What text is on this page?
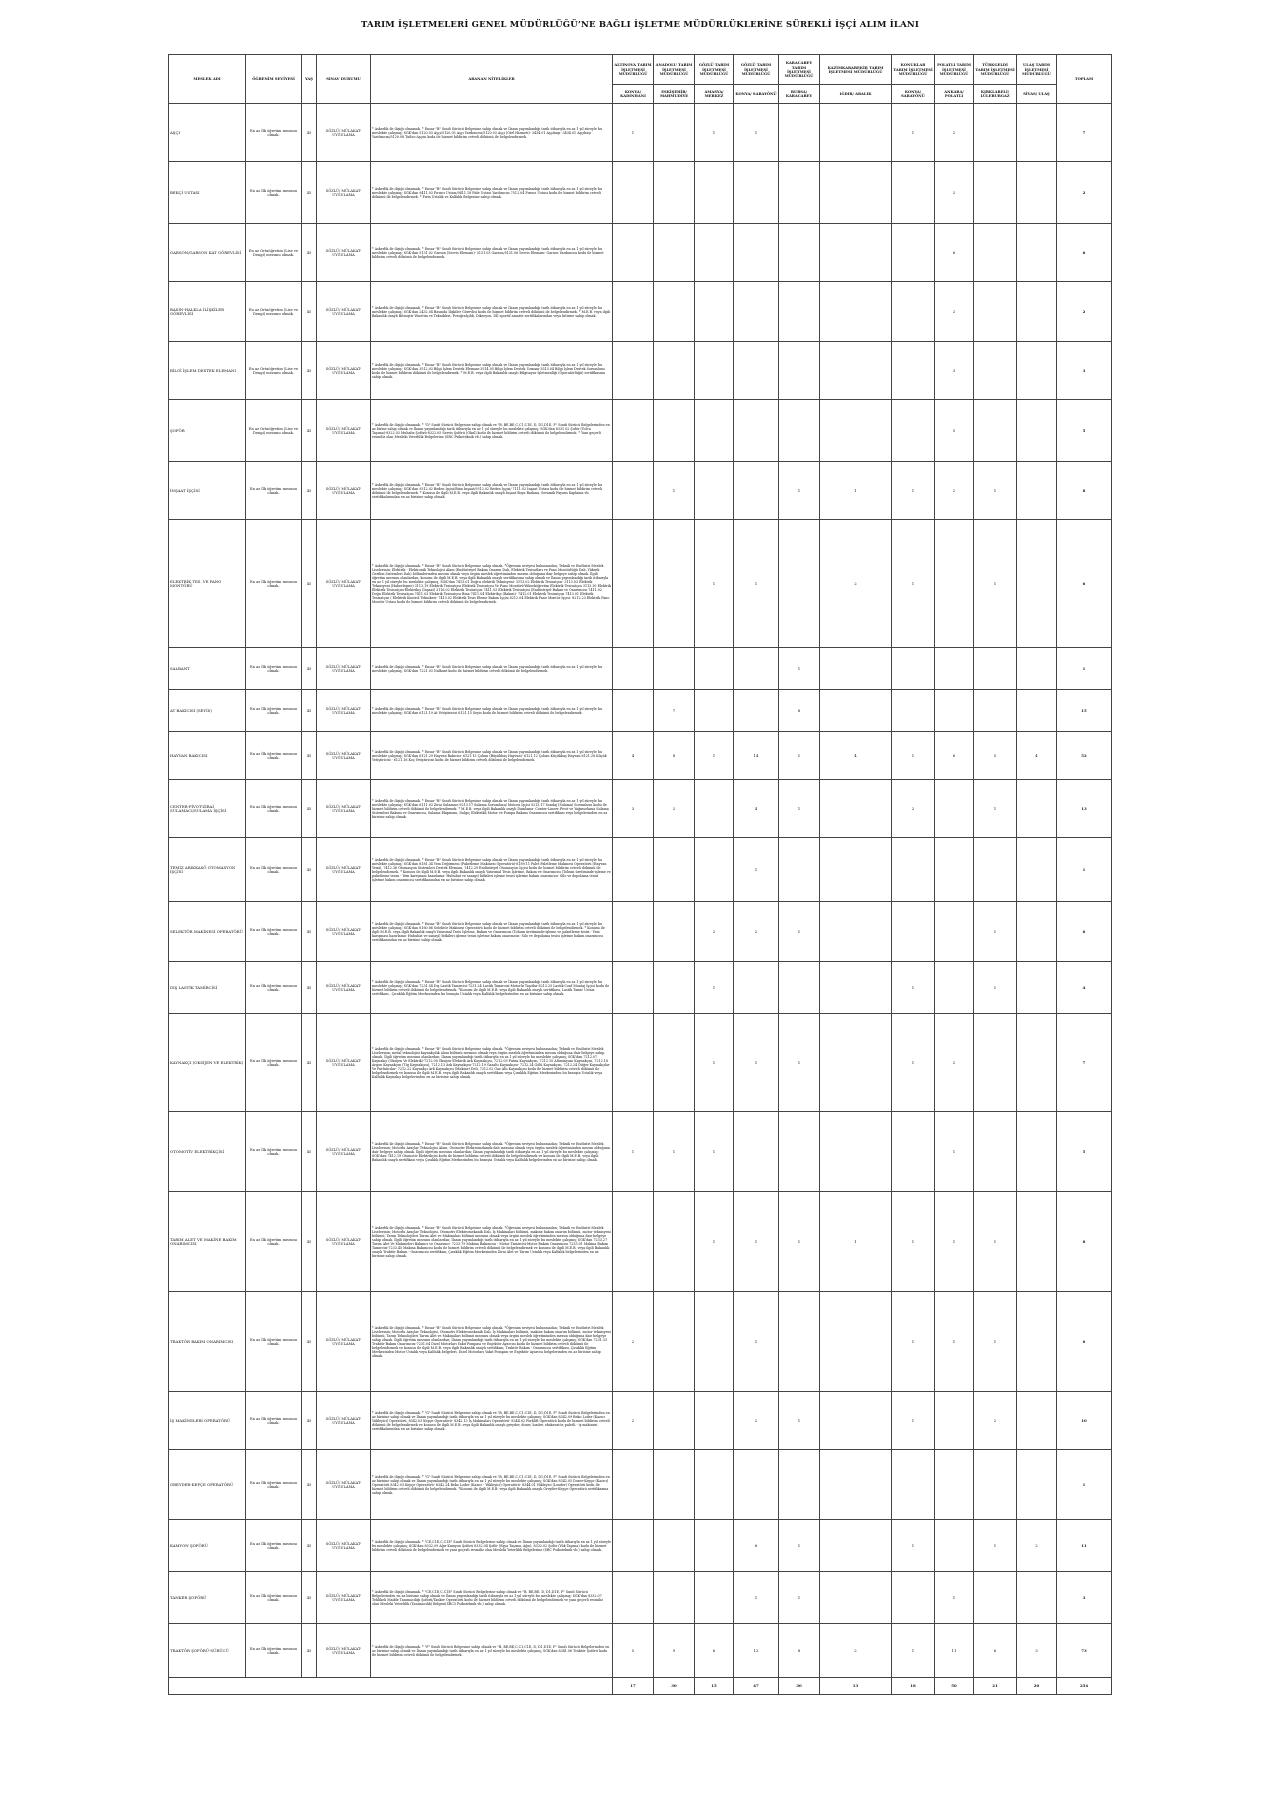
TARIM İŞLETMELERİ GENEL MÜDÜRLÜĞÜ’NE BAĞLI İŞLETME MÜDÜRLÜKLERİNE SÜREKLİ İŞÇİ ALIM İLANI
MESLEK ADI	ÖĞRENİM SEVİYESİ	YAŞ	SINAV DURUMU	ARANAN NİTELİKLER	ALTINOVA TARIM İŞLETMESİ MÜDÜRLÜĞÜ	ANADOLU TARIM İŞLETMESİ MÜDÜRLÜĞÜ	GÖZLÜ TARIM İŞLETMESİ MÜDÜRLÜĞÜ	GÖZLÜ TARIM İŞLETMESİ MÜDÜRLÜĞÜ	KARACABEY TARIM İŞLETMESİ MÜDÜRLÜĞÜ	KAZIMKARABEKİR TARIM İŞLETMESİ MÜDÜRLÜĞÜ	KONUKLAR TARIM İŞLETMESİ MÜDÜRLÜĞÜ	POLATLI TARIM İŞLETMESİ MÜDÜRLÜĞÜ	TÜRKGELDİ TARIM İŞLETMESİ MÜDÜRLÜĞÜ	ULAŞ TARIM İŞLETMESİ MÜDÜRLÜĞÜ	TOPLAM
					KONYA/ KADINHANI	ESKİŞEHİR/ MAHMUDİYE	AMASYA/ MERKEZ	KONYA/ SARAYÖNÜ	BURSA/ KARACABEY	IĞDIR/ ARALIK	KONYA/ SARAYÖNÜ	ANKARA/ POLATLI	KIRKLARELİ/ LÜLEBURGAZ	SİVAS/ ULAŞ	
AŞÇI	En az İlk öğretim mezunu olmak.	45	SÖZLÜ/ MÜLAKAT-UYGULAMA	* Askerlik ile ilişiği olmamak. * Ensar "B" Sınıfı Sürücü Belgesine sahip olmak ve İlanın yayımlandığı tarih itibarıyla en az 1 yıl süreyle bu meslekte çalışmış; SGK'dan 5120.03 Aşçı/5120.05 Aşçı Yardımcısı/5120.03 Aşçı (Otel Hizmeti)- 3434.01 Aşçıbaşı- 3434.01 Aşçıbaşı Yardımcısı/5120.08 Tatlıcı-Aşçısı koda ile hizmet bildirim cetveli dökümü ile belgelendirmek.	1		1	1			1	2			7
BEKÇİ USTASI	En az İlk öğretim mezunu olmak.	45	SÖZLÜ/ MÜLAKAT-UYGULAMA	* Askerlik ile ilişiği olmamak. * Ensar "B" Sınıfı Sürücü Belgesine sahip olmak ve İlanın yayımlandığı tarih itibarıyla en az 1 yıl süreyle bu meslekte çalışmış; SGK'dan 9411.03 Fırıncı Ustası/9411.18 Pide Ustası Yardımcısı 7512.04 Fırıncı Ustası kodu ile hizmet bildirim cetveli dökümü ile belgelendirmek. * Fırın Ustalık ve Kalfalık Belgesine sahip olmak.								2			2
GARSON/GARSON KAT GÖREVLİSİ	En az Ortaöğretim (Lise ve Dengi) mezunu olmak.	45	SÖZLÜ/ MÜLAKAT-UYGULAMA	* Askerlik ile ilişiği olmamak. * Ensar "B" Sınıfı Sürücü Belgesine sahip olmak ve İlanın yayımlandığı tarih itibarıyla en az 1 yıl süreyle bu meslekte çalışmış; SGK'dan 5131.02 Garson (Servis Elemanı)- 5131.05 Garson/5131.06 Servis Elemanı- Garson Yardımcısı kodu ile hizmet bildirim cetveli dökümü ile belgelendirmek.								6			6
BASIN-HALKLA İLİŞKİLER GÖREVLİSİ	En az Ortaöğretim (Lise ve Dengi) mezunu olmak.	45	SÖZLÜ/ MÜLAKAT-UYGULAMA	* Askerlik ile ilişiği olmamak. * Ensar "B" Sınıfı Sürücü Belgesine sahip olmak ve İlanın yayımlandığı tarih itibarıyla en az 1 yıl süreyle bu meslekte çalışmış; SGK'dan 2432.04 Basında İlişkiler Görevlisi kodu ile hizmet bildirim cetveli dökümü ile belgelendirmek. * M.E.B. veya ilgili Bakanlık onaylı Bitmiştir Yönetim ve Teknikleri, Fotoğrafçılık, Dikseyon, Dİİ sportif amatör sertifikalarından veya bitirme sahip olmak.								2			2
BİLGİ İŞLEM DESTEK ELEMANI	En az Ortaöğretim (Lise ve Dengi) mezunu olmak.	45	SÖZLÜ/ MÜLAKAT-UYGULAMA	* Askerlik ile ilişiği olmamak. * Ensar "B" Sınıfı Sürücü Belgesine sahip olmak ve İlanın yayımlandığı tarih itibarıyla en az 1 yıl süreyle bu meslekte çalışmış; SGK'dan 3512.03 Bilgi İşlem Destek Elemanı-3514.05 Bilgi İşlem Destek Uzmanı-3513.04 Bilgi İşlem Destek Sorumlusu koda ile hizmet bildirim dökümü ile belgelendirmek. * M.E.B. veya ilgili Bakanlık onaylı Bilgisayar İşletmenliği (Operatörlüğü) sertifikasına sahip olmak.								3			3
ŞOFÖR	En az Ortaöğretim (Lise ve Dengi) mezunu olmak.	45	SÖZLÜ/ MÜLAKAT-UYGULAMA	* Askerlik ile ilişiği olmamak. * "D" Sınıfı Sürücü Belgesine sahip olmak ve "B, BE,BE,C,C1,C1E, D, D1,D1E, F" Sınıfı Sürücü Belgelerinden en az birine sahip olmak ve İlanın yayımlandığı tarih itibarıyla en az 1 yıl süreyle bu meslekte çalışmış; SGK'dan 8331.02 Şoför (Yolcu Taşıma)-8322.03 Muhafız Şoförü-8322.05 Servis Şoförü (Okul) kodu ile hizmet bildirim cetveli dökümü ile belgelendirmek. * Yanı geçerli resmiliz olan Mesleki Yeterlilik Belgelerine (SRC Psikoteknik vb.) sahip olmak.								5			5
İNŞAAT İŞÇİSİ	En az İlk öğretim mezunu olmak.	45	SÖZLÜ/ MÜLAKAT-UYGULAMA	* Askerlik ile ilişiği olmamak. * Ensar "B" Sınıfı Sürücü Belgesine sahip olmak ve İlanın yayımlandığı tarih itibarıyla en az 1 yıl süreyle bu meslekte çalışmış; SGK'dan 9312.02 Beden İşçisi/Bina İnşaat/9312.02 Beden İşçisi/ 7111.02 İnşaat Ustası kodu ile hizmet bildirim cetveli dökümü ile belgelendirmek. * Konusu ile ilgili M.E.B. veya ilgili Bakanlık onaylı İnşaat Boya Badana, Seramik Fayans Kaplama vb. sertifikalarından en az birisine sahip olmak.		1			1	1	1	2	1		8
ELEKTRİK TES. VE PANO MONTÖRÜ	En az İlk öğretim mezunu olmak.	45	SÖZLÜ/ MÜLAKAT-UYGULAMA	* Askerlik ile ilişiği olmamak. * Ensar "B" Sınıfı Sürücü Belgesine sahip olmak. *Öğrenim seviyesi bulunmadan; Teknik ve Endüstri Meslek Liselerinin; Elektrik - Elektronik Teknolojisi Alanı (Endüstriyel Bakım Onarım Dalı, Elektrik Tesisatları ve Pano Montörlüğü Dalı, Yüksek Gerilim Sistemleri Dalı) bölümlerinden mezun olmak veya örgün meslek öğretiminden mezun olduğuna dair belgeye sahip olmak. İlgili öğretim mezunu olanlardan; konusu ile ilgili M.E.B. veya ilgili Bakanlık onaylı sertifikasına sahip olmak ve İlanın yayımlandığı tarih itibarıyla en az 1 yıl süreyle bu meslekte çalışmış; SGK'dan 7413.01 Doğru elektrik Teknisyeni- 3113.02 Elektrik Tesisatçısı- 3113.03 Elektrik Teknisyeni (Haberleşme) 3113.19 Elektrik Tesisatçısı Elektrik Tesisatçısı Ve Pano Montörü-Yükseköğretim Elektrik Tesisatçısı 3113.30 Elektrik Elektrik Tesisatçısı-Elektrikçi (İnşaat) 3116.02 Elektrik Tesisatçısı 7411.03 Elektrik Tesisatçısı (Endüstriyel Bakım ve Onarımcısı 7411.02 Doğu Elektrik Tesisatçısı 7411.03 Elektrik Tesisatçısı Bina 7411.04 Elektrikçi (Bakım)- 7412.01 Elektrik Tesisatçısı 7413.01 Elektrik Tesisatçısı ( Elektrik Kontrol Teknikeri- 7413.02 Elektrik Tesis Eleme Bakım İşçisi 8212.04 Elektrik Pano Montör İşçisi- 8212.23 Elektrik Pano Montör Ustası kodu ile hizmet bildirim cetveli dökümü ile belgelendirmek.			1	1		2	1		1		6
SALBANT	En az İlk öğretim mezunu olmak.	45	SÖZLÜ/ MÜLAKAT-UYGULAMA	* Askerlik ile ilişiği olmamak. * Ensar "B" Sınıfı Sürücü Belgesine sahip olmak ve İlanın yayımlandığı tarih itibarıyla en az 1 yıl süreyle bu meslekte çalışmış; SGK'dan 7221.03 Nalbant kodu ile hizmet bildirim cetveli dökümü ile belgelendirmek.					1						1
AT BAKICISI (SEYİS)	En az İlk öğretim mezunu olmak.	45	SÖZLÜ/ MÜLAKAT-UYGULAMA	* Askerlik ile ilişiği olmamak. * Ensar "B" Sınıfı Sürücü Belgesine sahip olmak ve İlanın yayımlandığı tarih itibarıyla en az 1 yıl süreyle bu meslekte çalışmış; SGK'dan 6121.19 At Yetiştiricisi 6121.15 Seyis kodu ile hizmet bildirim cetveli dökümü ile belgelendirmek.		7			8						15
HAYVAN BAKICISI	En az İlk öğretim mezunu olmak.	45	SÖZLÜ/ MÜLAKAT-UYGULAMA	* Askerlik ile ilişiği olmamak. * Ensar "B" Sınıfı Sürücü Belgesine sahip olmak ve İlanın yayımlandığı tarih itibarıyla en az 1 yıl süreyle bu meslekte çalışmış; SGK'dan 6121.29 Hayvan Bakıcısı- 6121.13 Çoban (Büyükbaş Hayvan)- 6121.12 Çoban Küçükbaş Hayvan 6121.28 Küçük Yetiştiricisi - 6121.16 Koç Yetiştiricisi kodu ile hizmet bildirim cetveli dökümü ile belgelendirmek.	4	8	1	14	1	4	1	6	5	4	52
CENTER-PİVOT-ZİRAİ SULAMACI/SULAMA İŞÇİSİ	En az İlk öğretim mezunu olmak.	45	SÖZLÜ/ MÜLAKAT-UYGULAMA	* Askerlik ile ilişiği olmamak. * Ensar "B" Sınıfı Sürücü Belgesine sahip olmak ve İlanın yayımlandığı tarih itibarıyla en az 1 yıl süreyle bu meslekte çalışmış; SGK'dan 6111.03 Zirai Sulamacı-9213.17 Sulama Sorumlusu/ Motoru İşçisi 9213.17 Sondaj (Sulama) Sorumlusu kodu ile hizmet bildirim cetveli dökümü ile belgelendirmek. * M.E.B. veya ilgili Bakanlık onaylı Damlama- Center-Lineer Pivot ve Yağmurlama Sulama Sistemleri Bakımı ve Onarımcısı, Sulama Ekipmanı, Dalgıç Elektrikli Motor ve Pompa Bakımı Onarımcısı sertifikası veya belgelerinden en az birisine sahip olmak.	3	2		4	1		2		1		13
TEMİZ ARIKKASÖ OTOMASYON İŞÇİSİ	En az İlk öğretim mezunu olmak.	45	SÖZLÜ/ MÜLAKAT-UYGULAMA	* Askerlik ile ilişiği olmamak. * Ensar "B" Sınıfı Sürücü Belgesine sahip olmak ve İlanın yayımlandığı tarih itibarıyla en az 1 yıl süreyle bu meslekte çalışmış; SGK'dan 8181.34 Yem Değirmeni (Paketleme Makinesi Operatörü)-8189.11 Palet Paletleme Makinesi Operatörü (Hayvan Yemi), 7412.36 Otomasyon Sistemleri Destek Elemanı, 7412.29 Endüstriyel Otomasyon İşçisi kodu ile hizmet bildirim cetveli dökümü ile belgelendirmek. * Konusu ile ilgili M.E.B. veya ilgili Bakanlık onaylı Yatırımal Tesis İşletme, Bakım ve Onarımcısı (Tohum üretiminde-işleme ve paketleme tesisi - Yem karışması hazırlama- Hububat ve sanayi) bitkileri işleme tesisi işletme bakım onarımcısı- Silo ve depolama tesisi işletme bakım onarımcısı sertifikasından en az birisine sahip olmak.				1							1
SELEKTÖR MAKİNESİ OPERATÖRÜ	En az İlk öğretim mezunu olmak.	45	SÖZLÜ/ MÜLAKAT-UYGULAMA	* Askerlik ile ilişiği olmamak. * Ensar "B" Sınıfı Sürücü Belgesine sahip olmak ve İlanın yayımlandığı tarih itibarıyla en az 1 yıl süreyle bu meslekte çalışmış; SGK'dan 8160.86 Selektör Makinesi Operatörü kodu ile hizmet bildirim cetveli dökümü ile belgelendirmek. * Konusu ile ilgili M.E.B. veya ilgili Bakanlık onaylı Yatırımal Tesis İşletme, Bakım ve Onarımcısı (Tohum üretiminde-işleme ve paketleme tesisi - Yem karışması hazırlama- Hububat ve sanayi) bitkileri işleme tesisi işletme bakım onarımcısı- Silo ve depolama tesisi işletme bakım onarımcısı sertifikasından en az birisine sahip olmak.			2	2	1				1		6
DIŞ LASTİK TAMİRCİSİ	En az İlk öğretim mezunu olmak.	45	SÖZLÜ/ MÜLAKAT-UYGULAMA	* Askerlik ile ilişiği olmamak. * Ensar "B" Sınıfı Sürücü Belgesine sahip olmak ve İlanın yayımlandığı tarih itibarıyla en az 1 yıl süreyle bu meslekte çalışmış; SGK'dan 7231.54 Dış Lastik Tamircisi-7231.24 Lastik Tamircisi-Motorlu Taşıtlar 8213.25 Lastik-Conf Montaj İşçisi kodu ile hizmet bildirim cetveli dökümü ile belgelendirmek. *Konusu ile ilgili M.E.B. veya ilgili Bakanlık onaylı sertifikası, Lastik Tamir Ustası sertifikası , Çıraklık Eğitim Merkezinden bu branşta Ustalık veya Kalfalık belgelerinden en az birisine sahip olmak.			1				1		1		4
KAYNAKÇI (OKSİJEN VE ELEKTRİK)	En az İlk öğretim mezunu olmak.	45	SÖZLÜ/ MÜLAKAT-UYGULAMA	* Askerlik ile ilişiği olmamak. * Ensar "B" Sınıfı Sürücü Belgesine sahip olmak. *Öğrenim seviyesi bulunmadan; Teknik ve Endüstri Meslek Liselerinin; metal teknolojisi kaynakçılık alanı bölümü mezunu olmak veya örgün meslek öğretiminden mezun olduğuna dair belgeye sahip olmak. İlgili öğretim mezunu olanlardan; İlanın yayımlandığı tarih itibarıyla en az 1 yıl süreyle bu meslekte çalışmış; SGK'dan 7212.07 Kaynakçı (Oksijen Ve Elektrik)-7212.08 Oksijen-Elektrik Ark Kaynakçısı, 7212.09 Punta Kaynakçısı, 7212.10 Alüminyum Kaynakçısı, 7212.18 Argon Kaynakçısı (Tig Kaynakçısı), 7212.13 Ark Kaynakçısı-7212.19 Gazaltı Kaynakçısı- 7212.24 Gölü Kaynakçısı, 7212.24 Düğer Kaynakçılar Ve Parlatıcılar- 7212.22 Kaynakçı Ark Kaynakçısı (Makine) Deli, 7212.02 Gaz Altı Kaynakçısı kodu ile hizmet bildirim cetveli dökümü ile belgelendirmek ve konusu ile ilgili M.E.B. veya ilgili Bakanlık onaylı sertifikası veya Çıraklık Eğitim Merkezinden bu branşta Ustalık veya Kalfalık Kaynakçı belgelerinden en az birisine sahip olmak.			1	1	1		1	2			7
OTOMOTİV ELEKTRİKÇİSİ	En az İlk öğretim mezunu olmak.	45	SÖZLÜ/ MÜLAKAT-UYGULAMA	* Askerlik ile ilişiği olmamak. * Ensar "B" Sınıfı Sürücü Belgesine sahip olmak. *Öğrenim seviyesi bulunmadan; Teknik ve Endüstri Meslek Liselerinin; Motorlu Araçlar Teknolojisi Alanı, Otomotiv Elektromekanik dalı mezunu olmak veya örgün meslek öğretiminden mezun olduğuna dair belgeye sahip olmak. İlgili öğretim mezunu olanlardan; İlanın yayımlandığı tarih itibarıyla en az 1 yıl süreyle bu meslekte çalışmış; SGK'dan 7412.19 Otomotiv Elektrikçisi kodu ile hizmet bildirim cetveli dökümü ile belgelendirmek ve konusu ile ilgili M.E.B. veya ilgili Bakanlık onaylı sertifikası veya Çıraklık Eğitim Merkezinden bu branşta Ustalık veya Kalfalık belgelerinden en az birisine sahip olmak.	1	1	1					1			5
TARIM ALET VE MAKİNE BAKIM ONARIMCISI	En az İlk öğretim mezunu olmak.	45	SÖZLÜ/ MÜLAKAT-UYGULAMA	* Askerlik ile ilişiği olmamak. * Ensar "B" Sınıfı Sürücü Belgesine sahip olmak. *Öğrenim seviyesi bulunmadan; Teknik ve Endüstri Meslek Liselerinin; Motorlu Araçlar Teknolojisi, Otomotiv Elektromekanik Dalı, İş Makinaları bölümü, makine bakım onarım bölümü, motor teknisyeni bölümü, Tarım Teknolojileri Tarım Alet ve Makinaları bölümü mezunu olmak veya örgün meslek öğretiminden mezun olduğuna dair belgeye sahip olmak. İlgili öğretim mezunu olanlardan; İlanın yayımlandığı tarih itibarıyla en az 1 yıl süreyle bu meslekte çalışmış; SGK'dan 7233.27 Tarım Alet Ve Makineleri Bakımcı ve Onarımcı- 7233.79 Makina Bakımcısı - Motor Tamircisi-Motor Bakım Onarımcısı 7233.01 Makina Bakım Tamircisi-7233.45 Makina Bakımcısı kodu ile hizmet bildirim cetveli dökümü ile belgelendirmek ve konusu ile ilgili M.E.B. veya ilgili Bakanlık onaylı Traktör Bakım - Onarımcısı sertifikası, Çıraklık Eğitim Merkezinden Zirai Alet ve Tarım Ustalık veya Kalfalık belgelerinden en az birisine sahip olmak.			1	1	1	1	1	1	1		8
TRAKTÖR BAKIM ONARIMCISI	En az İlk öğretim mezunu olmak.	45	SÖZLÜ/ MÜLAKAT-UYGULAMA	* Askerlik ile ilişiği olmamak. * Ensar "B" Sınıfı Sürücü Belgesine sahip olmak. *Öğrenim seviyesi bulunmadan; Teknik ve Endüstri Meslek Liselerinin; Motorlu Araçlar Teknolojisi, Otomotiv Elektromekanik Dalı, İş Makinaları bölümü, makine bakım onarım bölümü, motor teknisyeni bölümü, Tarım Teknolojileri Tarım Alet ve Makinaları bölümü mezunu olmak veya örgün meslek öğretiminden mezun olduğuna dair belgeye sahip olmak. İlgili öğretim mezunu olanlardan; İlanın yayımlandığı tarih itibarıyla en az 1 yıl süreyle bu meslekte çalışmış; SGK'dan 7231.33 Traktör Bakım Onarımcısı-7231.04 Dizel Motorları Yakıt Pompası ve Enjektör Ayarcısı kodu ile hizmet bildirim cetveli dökümü ile belgelendirmek ve konusu ile ilgili M.E.B. veya ilgili Bakanlık onaylı sertifikası, Traktör Bakım - Onarımcısı sertifikası, Çıraklık Eğitim Merkezinden Motor Ustalık veya Kalfalık belgeleri, Dizel Motorları Yakıt Pompası ve Enjektör Ayarcısı belgelerinden en az birisine sahip olmak.	2			1			1	1	1		6
İŞ MAKİNELERİ OPERATÖRÜ	En az İlk öğretim mezunu olmak.	45	SÖZLÜ/ MÜLAKAT-UYGULAMA	* Askerlik ile ilişiği olmamak. * "G" Sınıfı Sürücü Belgesine sahip olmak ve "B, BE,BE,C,C1,C1E, D, D1,D1E, F" Sınıfı Sürücü Belgelerinden en az birisine sahip olmak ve İlanın yayımlandığı tarih itibarıyla en az 1 yıl süreyle bu meslekte çalışmış; SGK'dan 8342.09 Beko Loder (Kazıcı Yükleyici) Operatörü, 8342.03 Kepçe Operatörü- 8342.13 İş Makinaları Operatörü- 8344.02 Forklift Operatörü kodu ile hizmet bildirim cetveli dökümü ile belgelendirmek ve konusu ile ilgili M.E.B. veya ilgili Bakanlık onaylı greyder, dozer, loader, ekskavatör, paletli - iş makinesi sertifikalarından en az birisine sahip olmak.	2			2	1		1		2		10
GREYDER-KEPÇE OPERATÖRÜ	En az İlk öğretim mezunu olmak.	45	SÖZLÜ/ MÜLAKAT-UYGULAMA	* Askerlik ile ilişiği olmamak. * "G" Sınıfı Sürücü Belgesine sahip olmak ve "B, BE,BE,C,C1,C1E, D, D1,D1E, F" Sınıfı Sürücü Belgelerinden en az birisine sahip olmak ve İlanın yayımlandığı tarih itibarıyla en az 1 yıl süreyle bu meslekte çalışmış; SGK'dan 8342.05 Dozer-Kepçe (Kazıcı) Operatörü 8342.03 Kepçe Operatörü- 8342.24 Beko Loder (Kazıcı - Yükleyici) Operatörü- 8344.01 Yükleyici (Loader) Operatörü kodu ile hizmet bildirim cetveli dökümü ile belgelendirmek. *Konusu ile ilgili M.E.B. veya ilgili Bakanlık onaylı Greyder-Kepçe Operatörü sertifikasına sahip olmak.											1
KAMYON ŞOFÖRÜ	En az İlk öğretim mezunu olmak.	45	SÖZLÜ/ MÜLAKAT-UYGULAMA	* Askerlik ile ilişiği olmamak. * "CE,C1E,C,C1E" Sınıfı Sürücü Belgelerine sahip olmak ve İlanın yayımlandığı tarih itibarıyla en az 1 yıl süreyle bu meslekte çalışmış; SGK'dan 8332.09 Ağır Kamyon Şoförü 8332.04 Şoför (Eşya Taşıma, Ağır), 8332.02 Şoför (Yük Taşıma) kodu ile hizmet bildirim cetveli dökümü ile belgelendirmek ve yanı geçerli resmiliz olan Mesleki Yeterlilik Belgelerine (SRC Psikoteknik vb.) sahip olmak.				6	1		1		1	2	11
TANKER ŞOFÖRÜ	En az İlk öğretim mezunu olmak.	45	SÖZLÜ/ MÜLAKAT-UYGULAMA	* Askerlik ile ilişiği olmamak. * "CE,C1E,C,C1E" Sınıfı Sürücü Belgelerine sahip olmak ve "B, BE,BE, D, D1,D1E, F" Sınıfı Sürücü Belgelerinden en az birisine sahip olmak ve İlanın yayımlandığı tarih itibarıyla en az 1 yıl süreyle bu meslekte çalışmış; SGK'dan 8332.07 Tehlikeli Madde Tanımacılığı Şoförü/Tanker Operatörü kodu ile hizmet bildirim cetveli dökümü ile belgelendirmek ve yanı geçerli resmiliz olan Mesleki Yeterlilik (Tanımacılık) Belgesi(SRC5 Psikoteknik vb.) sahip olmak.				1	1			1			3
TRAKTÖR ŞOFÖRÜ-SÜRÜCÜ	En az İlk öğretim mezunu olmak.	45	SÖZLÜ/ MÜLAKAT-UYGULAMA	* Askerlik ile ilişiği olmamak. * "F" Sınıfı Sürücü Belgesine sahip olmak ve "B, BE,BE,C,C1,C1E, D, D1,D1E, F" Sınıfı Sürücü Belgelerinden en az birisine sahip olmak ve İlanın yayımlandığı tarih itibarıyla en az 1 yıl süreyle bu meslekte çalışmış; SGK'dan 8341.06 Traktör Şoförü kodu ile hizmet bildirim cetveli dökümü ile belgelendirmek.	5	9	6	12	8	2	1	11	6	3	73
					17	30	15	47	30	13	18	50	21	20	254
